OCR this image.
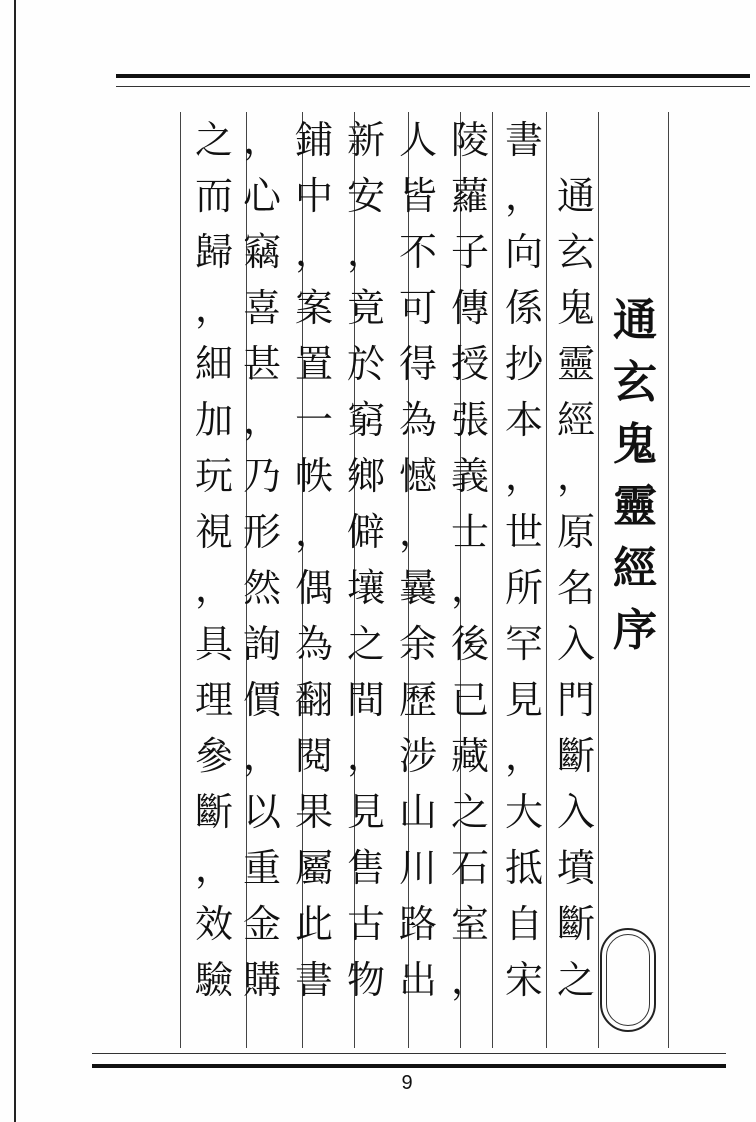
通
玄
鬼
靈
經
序
通
玄
鬼
靈
經
，
原
名
入
門
斷
入
墳
斷
之
書
，
向
係
抄
本
，
世
所
罕
見
，
大
抵
自
宋
陵
蘿
子
傳
授
張
義
士
，
後
已
藏
之
石
室
，
人
皆
不
可
得
為
憾
，
曩
余
歷
涉
山
川
路
出
新
安
，
竟
於
窮
鄉
僻
壤
之
間
，
見
售
古
物
鋪
中
，
案
置
一
帙
，
偶
為
翻
閱
果
屬
此
書
，
心
竊
喜
甚
，
乃
形
然
詢
價
，
以
重
金
購
之
而
歸
，
細
加
玩
視
，
具
理
參
斷
，
效
驗
9
